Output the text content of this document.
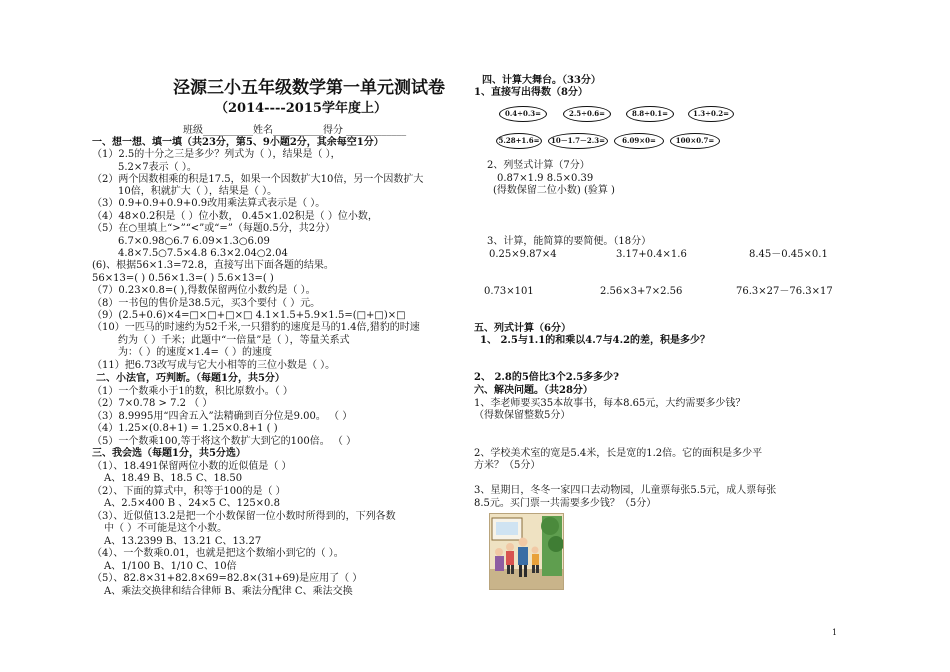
泾源三小五年级数学第一单元测试卷
（2014----2015学年度上）
班级__________姓名__________得分 ____________
一、想一想、填一填（共23分，第5、9小题2分，其余每空1分）
（1）2.5的十分之三是多少？列式为（ ），结果是（ ），
5.2×7表示（ ）。
（2）两个因数相乘的积是17.5，如果一个因数扩大10倍，另一个因数扩大
10倍，积就扩大（ ），结果是（ ）。
（3）0.9+0.9+0.9+0.9改用乘法算式表示是（ ）。
（4）48×0.2积是（ ）位小数， 0.45×1.02积是（ ）位小数，
（5）在○里填上“>”“<”或“=”（每题0.5分，共2分）
6.7×0.98○6.7 6.09×1.3○6.09
4.8×7.5○7.5×4.8 6.3×2.04○2.04
(6)、根据56×1.3=72.8，直接写出下面各题的结果。
56×13=( ) 0.56×1.3=( ) 5.6×13=( )
（7）0.23×0.8=( ),得数保留两位小数约是（ ）。
（8）一书包的售价是38.5元，买3个要付（ ）元。
（9）(2.5+0.6)×4=□×□+□×□ 4.1×1.5+5.9×1.5=(□+□)×□
（10）一匹马的时速约为52千米,一只猎豹的速度是马的1.4倍,猎豹的时速
约为（ ）千米；此题中“一倍量”是（ ），等量关系式
为：（ ）的速度×1.4=（ ）的速度
（11）把6.73改写成与它大小相等的三位小数是（ ）。
二、小法官，巧判断。（每题1分，共5分）
（1）一个数乘小于1的数，积比原数小。（ ）
（2）7×0.78 > 7.2 （ ）
（3）8.9995用“四舍五入”法精确到百分位是9.00。 （ ）
（4）1.25×(0.8+1) = 1.25×0.8+1 ( )
（5）一个数乘100,等于将这个数扩大到它的100倍。 （ ）
三、我会选（每题1分，共5分选）
（1）、18.491保留两位小数的近似值是（ ）
A、18.49 B、18.5 C、18.50
（2）、下面的算式中，积等于100的是（ ）
A、2.5×400 B 、24×5 C、125×0.8
（3）、近似值13.2是把一个小数保留一位小数时所得到的，下列各数
中（ ）不可能是这个小数。
A、13.2399 B、13.21 C、13.27
（4）、一个数乘0.01，也就是把这个数缩小到它的（ ）。
A、1/100 B、1/10 C、10倍
（5）、82.8×31+82.8×69=82.8×(31+69)是应用了（ ）
A、乘法交换律和结合律师 B、乘法分配律 C、乘法交换
四、计算大舞台。（33分）
1、直接写出得数（8分）
0.4÷0.3=	2.5÷0.6=	8.8÷0.1=	1.3÷0.2=
5.28+1.6=	10－1.7－2.3=	6.09×0=	100×0.7=
2、列竖式计算（7分）
0.87×1.9 8.5×0.39
(得数保留二位小数) (验算 )
3、计算，能简算的要简便。（18分）
0.25×9.87×4	3.17+0.4×1.6	8.45－0.45×0.1
0.73×101	2.56×3+7×2.56	76.3×27－76.3×17
五、列式计算（6分）
1、 2.5与1.1的和乘以4.7与4.2的差，积是多少？
2、 2.8的5倍比3个2.5多多少?
六、解决问题。（共28分）
1、李老师要买35本故事书，每本8.65元，大约需要多少钱？
（得数保留整数5分）
2、学校美术室的宽是5.4米，长是宽的1.2倍。它的面积是多少平
方米？（5分）
3、星期日，冬冬一家四口去动物园，儿童票每张5.5元，成人票每张
8.5元。买门票一共需要多少钱？（5分）
1
